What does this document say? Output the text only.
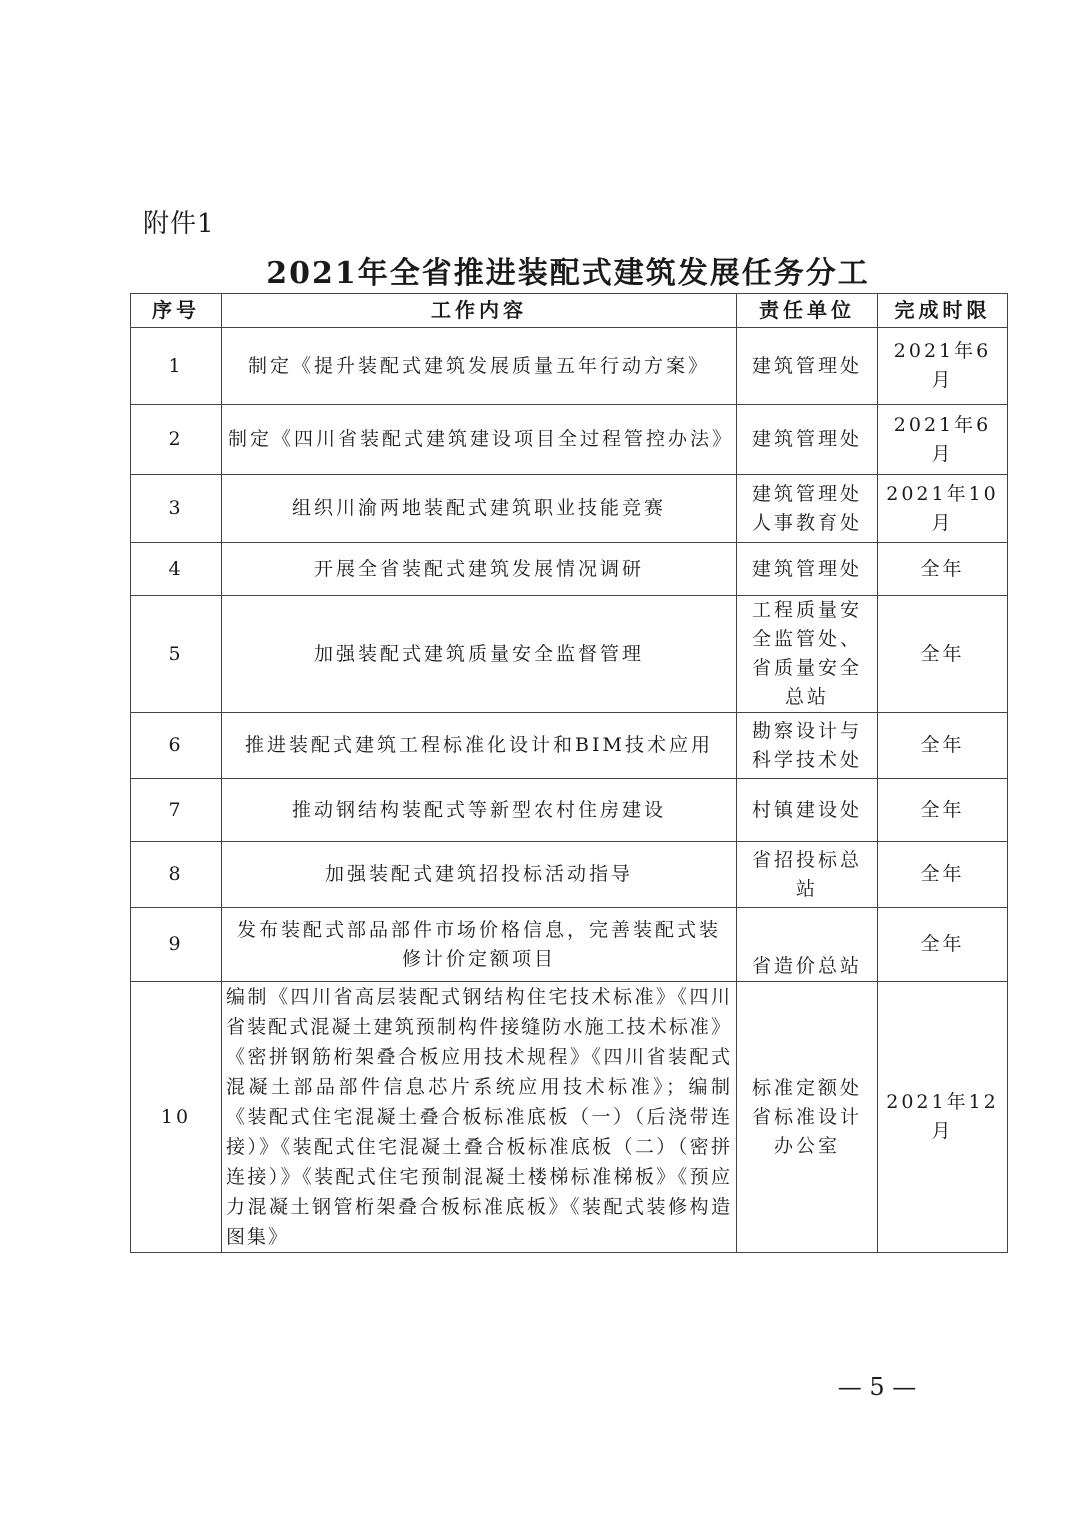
附件1
2021年全省推进装配式建筑发展任务分工
序号	工作内容	责任单位	完成时限
1	制定《提升装配式建筑发展质量五年行动方案》	建筑管理处	2021年6月
2	制定《四川省装配式建筑建设项目全过程管控办法》	建筑管理处	2021年6月
3	组织川渝两地装配式建筑职业技能竞赛	建筑管理处人事教育处	2021年10月
4	开展全省装配式建筑发展情况调研	建筑管理处	全年
5	加强装配式建筑质量安全监督管理	工程质量安全监管处、省质量安全总站	全年
6	推进装配式建筑工程标准化设计和BIM技术应用	勘察设计与科学技术处	全年
7	推动钢结构装配式等新型农村住房建设	村镇建设处	全年
8	加强装配式建筑招投标活动指导	省招投标总站	全年
9	发布装配式部品部件市场价格信息，完善装配式装修计价定额项目	省造价总站	全年
10	编制《四川省高层装配式钢结构住宅技术标准》《四川省装配式混凝土建筑预制构件接缝防水施工技术标准》《密拼钢筋桁架叠合板应用技术规程》《四川省装配式混凝土部品部件信息芯片系统应用技术标准》；编制《装配式住宅混凝土叠合板标准底板（一）（后浇带连接）》《装配式住宅混凝土叠合板标准底板（二）（密拼连接）》《装配式住宅预制混凝土楼梯标准梯板》《预应力混凝土钢管桁架叠合板标准底板》《装配式装修构造图集》	标准定额处省标准设计办公室	2021年12月
— 5 —
